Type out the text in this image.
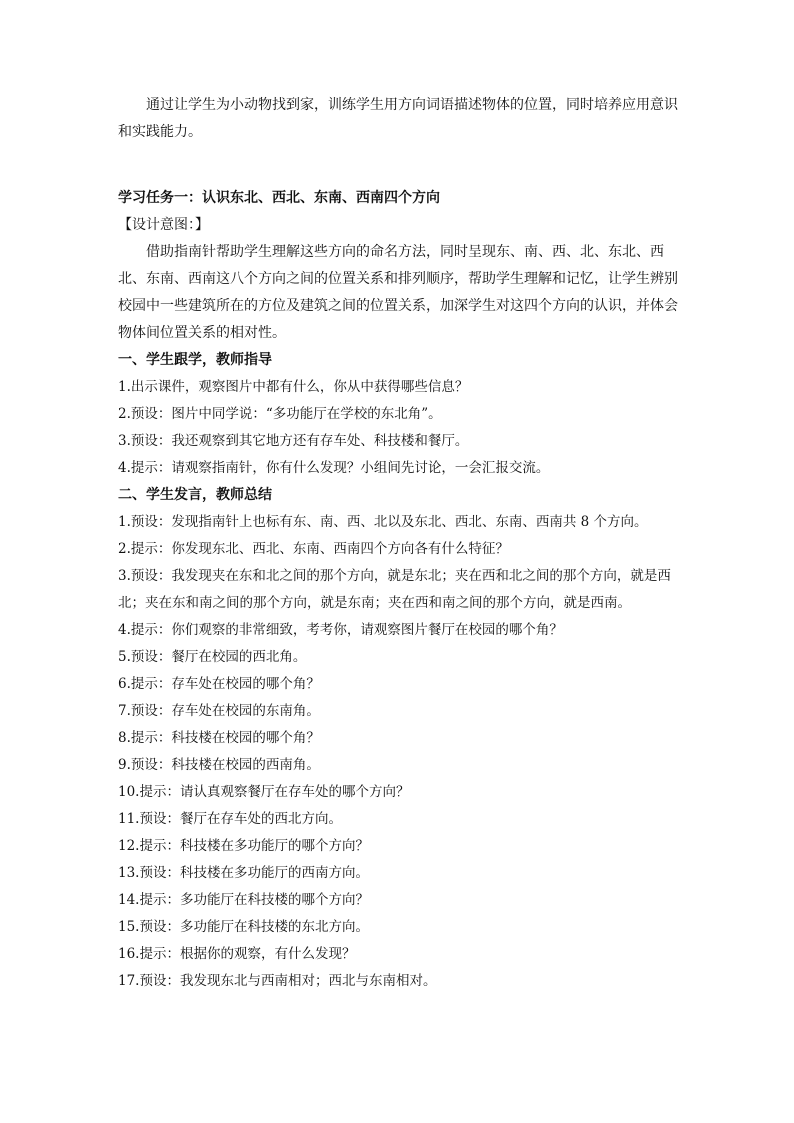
通过让学生为小动物找到家，训练学生用方向词语描述物体的位置，同时培养应用意识和实践能力。

学习任务一：认识东北、西北、东南、西南四个方向

【设计意图：】

借助指南针帮助学生理解这些方向的命名方法，同时呈现东、南、西、北、东北、西北、东南、西南这八个方向之间的位置关系和排列顺序，帮助学生理解和记忆，让学生辨别校园中一些建筑所在的方位及建筑之间的位置关系，加深学生对这四个方向的认识，并体会物体间位置关系的相对性。

一、学生跟学，教师指导

1.出示课件，观察图片中都有什么，你从中获得哪些信息？

2.预设：图片中同学说：“多功能厅在学校的东北角”。

3.预设：我还观察到其它地方还有存车处、科技楼和餐厅。

4.提示：请观察指南针，你有什么发现？小组间先讨论，一会汇报交流。

二、学生发言，教师总结

1.预设：发现指南针上也标有东、南、西、北以及东北、西北、东南、西南共 8 个方向。

2.提示：你发现东北、西北、东南、西南四个方向各有什么特征？

3.预设：我发现夹在东和北之间的那个方向，就是东北；夹在西和北之间的那个方向，就是西北；夹在东和南之间的那个方向，就是东南；夹在西和南之间的那个方向，就是西南。

4.提示：你们观察的非常细致，考考你，请观察图片餐厅在校园的哪个角？

5.预设：餐厅在校园的西北角。

6.提示：存车处在校园的哪个角？

7.预设：存车处在校园的东南角。

8.提示：科技楼在校园的哪个角？

9.预设：科技楼在校园的西南角。

10.提示：请认真观察餐厅在存车处的哪个方向？

11.预设：餐厅在存车处的西北方向。

12.提示：科技楼在多功能厅的哪个方向？

13.预设：科技楼在多功能厅的西南方向。

14.提示：多功能厅在科技楼的哪个方向？

15.预设：多功能厅在科技楼的东北方向。

16.提示：根据你的观察，有什么发现？

17.预设：我发现东北与西南相对；西北与东南相对。
